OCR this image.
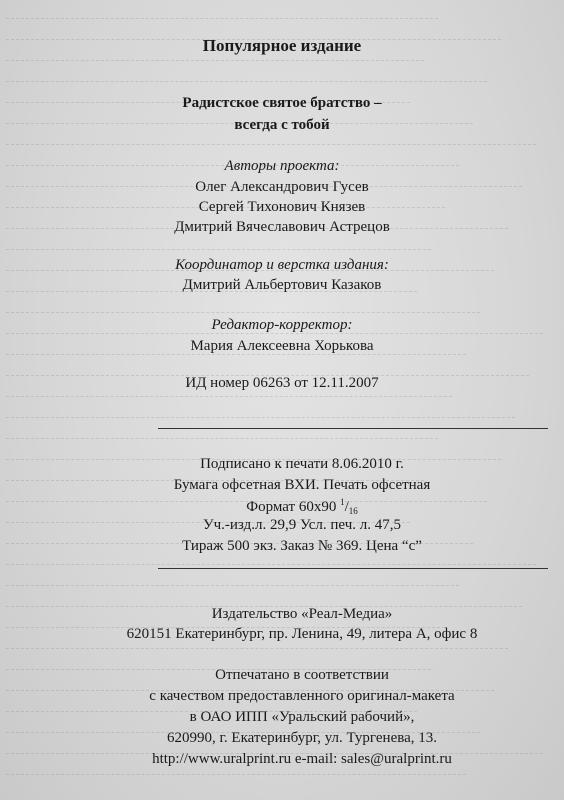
Популярное издание
Радистское святое братство –
всегда с тобой
Авторы проекта:
Олег Александрович Гусев
Сергей Тихонович Князев
Дмитрий Вячеславович Астрецов
Координатор и верстка издания:
Дмитрий Альбертович Казаков
Редактор-корректор:
Мария Алексеевна Хорькова
ИД номер 06263 от 12.11.2007
Подписано к печати 8.06.2010 г.
Бумага офсетная ВХИ. Печать офсетная
Формат 60х90 $^1/_{16}$
Уч.-изд.л. 29,9 Усл. печ. л. 47,5
Тираж 500 экз. Заказ № 369. Цена “с”
Издательство «Реал-Медиа»
620151 Екатеринбург, пр. Ленина, 49, литера А, офис 8
Отпечатано в соответствии
с качеством предоставленного оригинал-макета
в ОАО ИПП «Уральский рабочий»,
620990, г. Екатеринбург, ул. Тургенева, 13.
http://www.uralprint.ru e-mail: sales@uralprint.ru
